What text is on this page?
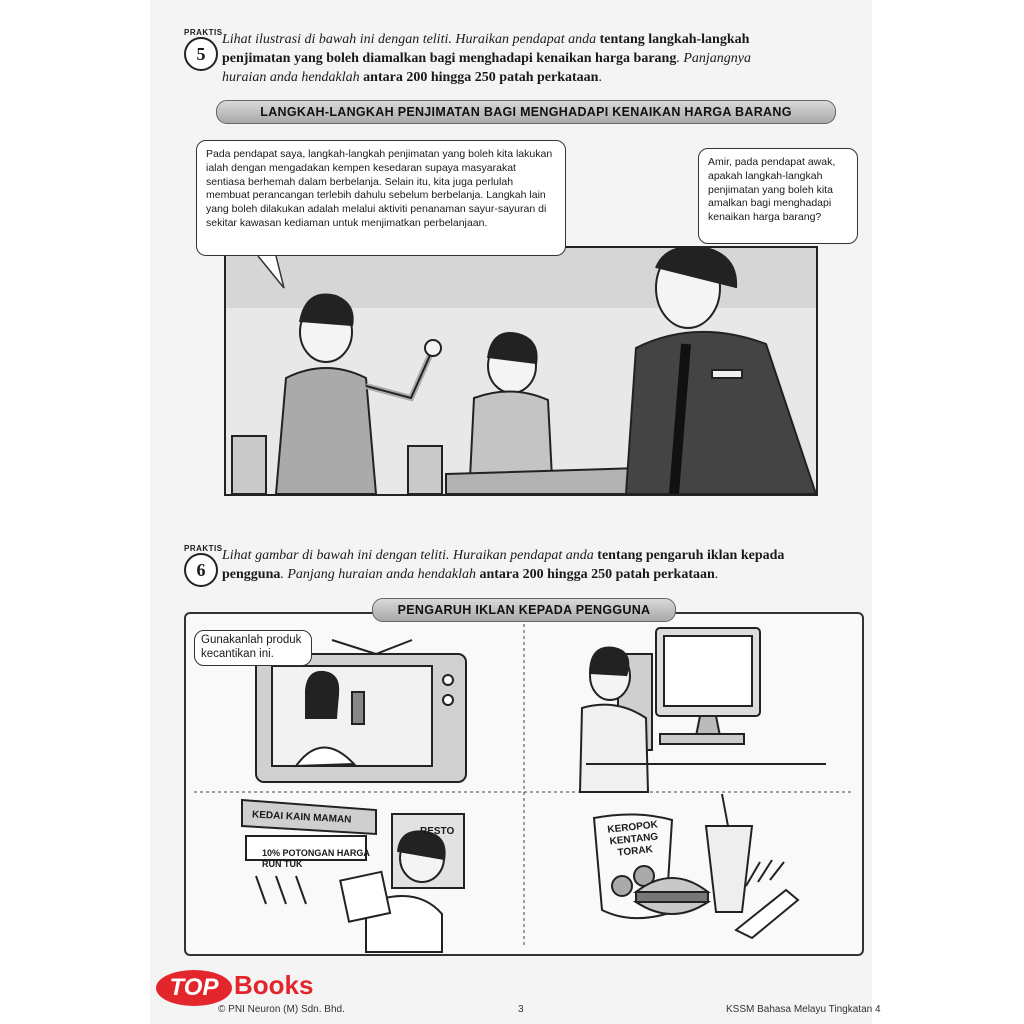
PRAKTIS
5
Lihat ilustrasi di bawah ini dengan teliti. Huraikan pendapat anda tentang langkah-langkah
penjimatan yang boleh diamalkan bagi menghadapi kenaikan harga barang. Panjangnya
huraian anda hendaklah antara 200 hingga 250 patah perkataan.
LANGKAH-LANGKAH PENJIMATAN BAGI MENGHADAPI KENAIKAN HARGA BARANG
Pada pendapat saya, langkah-langkah penjimatan yang boleh kita lakukan ialah dengan mengadakan kempen kesedaran supaya masyarakat sentiasa berhemah dalam berbelanja. Selain itu, kita juga perlulah membuat perancangan terlebih dahulu sebelum berbelanja. Langkah lain yang boleh dilakukan adalah melalui aktiviti penanaman sayur-sayuran di sekitar kawasan kediaman untuk menjimatkan perbelanjaan.
Amir, pada pendapat awak, apakah langkah-langkah penjimatan yang boleh kita amalkan bagi menghadapi kenaikan harga barang?
PRAKTIS
6
Lihat gambar di bawah ini dengan teliti. Huraikan pendapat anda tentang pengaruh iklan kepada
pengguna. Panjang huraian anda hendaklah antara 200 hingga 250 patah perkataan.
PENGARUH IKLAN KEPADA PENGGUNA
Gunakanlah produk kecantikan ini.
KEDAI KAIN MAMAN
RESTO
10% POTONGAN HARGA RUN TUK
KEROPOK KENTANG TORAK
© PNI Neuron (M) Sdn. Bhd.	3	KSSM Bahasa Melayu Tingkatan 4
TOP Books
